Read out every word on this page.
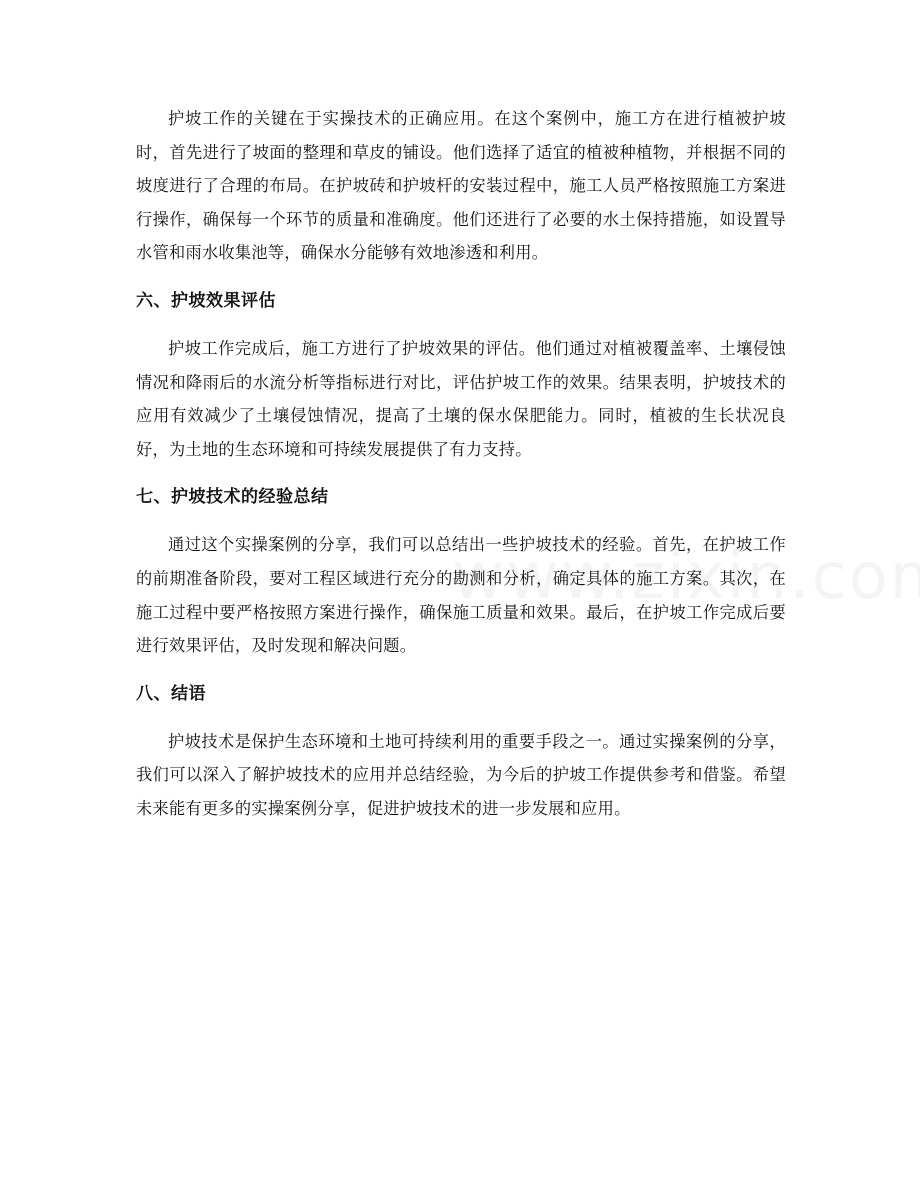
护坡工作的关键在于实操技术的正确应用。在这个案例中，施工方在进行植被护坡时，首先进行了坡面的整理和草皮的铺设。他们选择了适宜的植被种植物，并根据不同的坡度进行了合理的布局。在护坡砖和护坡杆的安装过程中，施工人员严格按照施工方案进行操作，确保每一个环节的质量和准确度。他们还进行了必要的水土保持措施，如设置导水管和雨水收集池等，确保水分能够有效地渗透和利用。

六、护坡效果评估

护坡工作完成后，施工方进行了护坡效果的评估。他们通过对植被覆盖率、土壤侵蚀情况和降雨后的水流分析等指标进行对比，评估护坡工作的效果。结果表明，护坡技术的应用有效减少了土壤侵蚀情况，提高了土壤的保水保肥能力。同时，植被的生长状况良好，为土地的生态环境和可持续发展提供了有力支持。

七、护坡技术的经验总结

通过这个实操案例的分享，我们可以总结出一些护坡技术的经验。首先，在护坡工作的前期准备阶段，要对工程区域进行充分的勘测和分析，确定具体的施工方案。其次，在施工过程中要严格按照方案进行操作，确保施工质量和效果。最后，在护坡工作完成后要进行效果评估，及时发现和解决问题。

八、结语

护坡技术是保护生态环境和土地可持续利用的重要手段之一。通过实操案例的分享，我们可以深入了解护坡技术的应用并总结经验，为今后的护坡工作提供参考和借鉴。希望未来能有更多的实操案例分享，促进护坡技术的进一步发展和应用。
